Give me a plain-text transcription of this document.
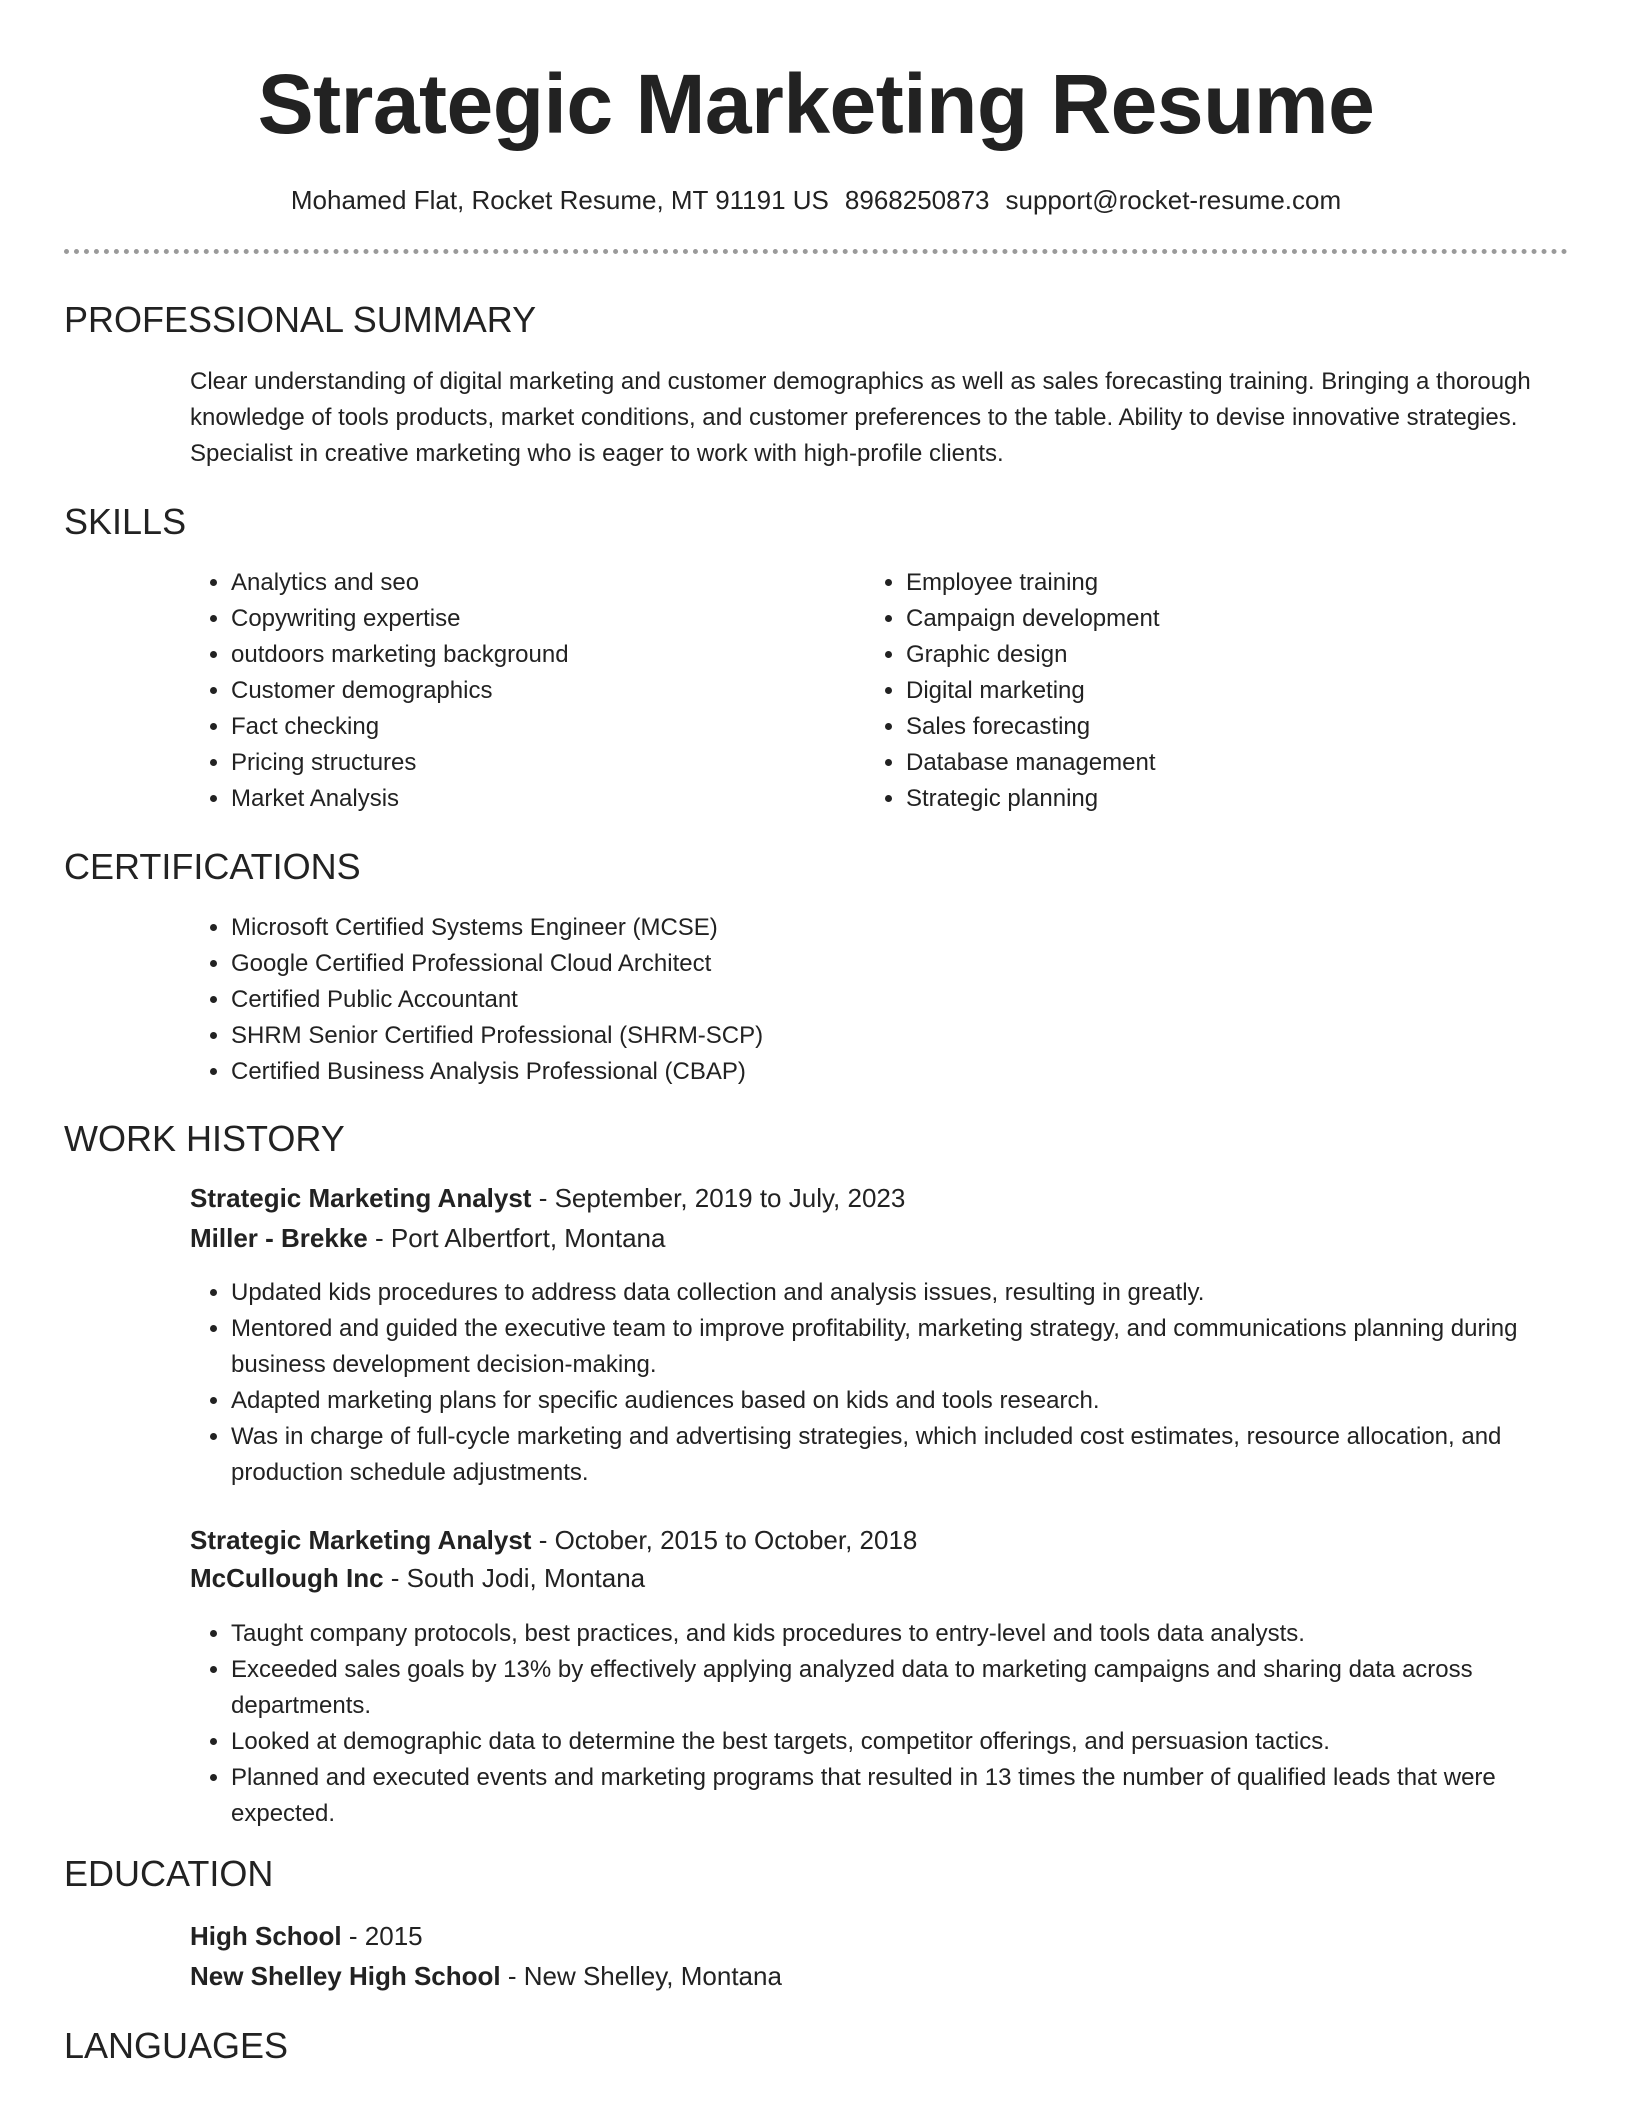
Strategic Marketing Resume
Mohamed Flat, Rocket Resume, MT 91191 US 8968250873 support@rocket-resume.com
PROFESSIONAL SUMMARY

Clear understanding of digital marketing and customer demographics as well as sales forecasting training. Bringing a thorough knowledge of tools products, market conditions, and customer preferences to the table. Ability to devise innovative strategies. Specialist in creative marketing who is eager to work with high-profile clients.

SKILLS
• Analytics and seo
• Copywriting expertise
• outdoors marketing background
• Customer demographics
• Fact checking
• Pricing structures
• Market Analysis
• Employee training
• Campaign development
• Graphic design
• Digital marketing
• Sales forecasting
• Database management
• Strategic planning
CERTIFICATIONS
• Microsoft Certified Systems Engineer (MCSE)
• Google Certified Professional Cloud Architect
• Certified Public Accountant
• SHRM Senior Certified Professional (SHRM-SCP)
• Certified Business Analysis Professional (CBAP)
WORK HISTORY
Strategic Marketing Analyst - September, 2019 to July, 2023
Miller - Brekke - Port Albertfort, Montana
• Updated kids procedures to address data collection and analysis issues, resulting in greatly.
• Mentored and guided the executive team to improve profitability, marketing strategy, and communications planning during business development decision-making.
• Adapted marketing plans for specific audiences based on kids and tools research.
• Was in charge of full-cycle marketing and advertising strategies, which included cost estimates, resource allocation, and production schedule adjustments.
Strategic Marketing Analyst - October, 2015 to October, 2018
McCullough Inc - South Jodi, Montana
• Taught company protocols, best practices, and kids procedures to entry-level and tools data analysts.
• Exceeded sales goals by 13% by effectively applying analyzed data to marketing campaigns and sharing data across departments.
• Looked at demographic data to determine the best targets, competitor offerings, and persuasion tactics.
• Planned and executed events and marketing programs that resulted in 13 times the number of qualified leads that were expected.
EDUCATION
High School - 2015
New Shelley High School - New Shelley, Montana
LANGUAGES
